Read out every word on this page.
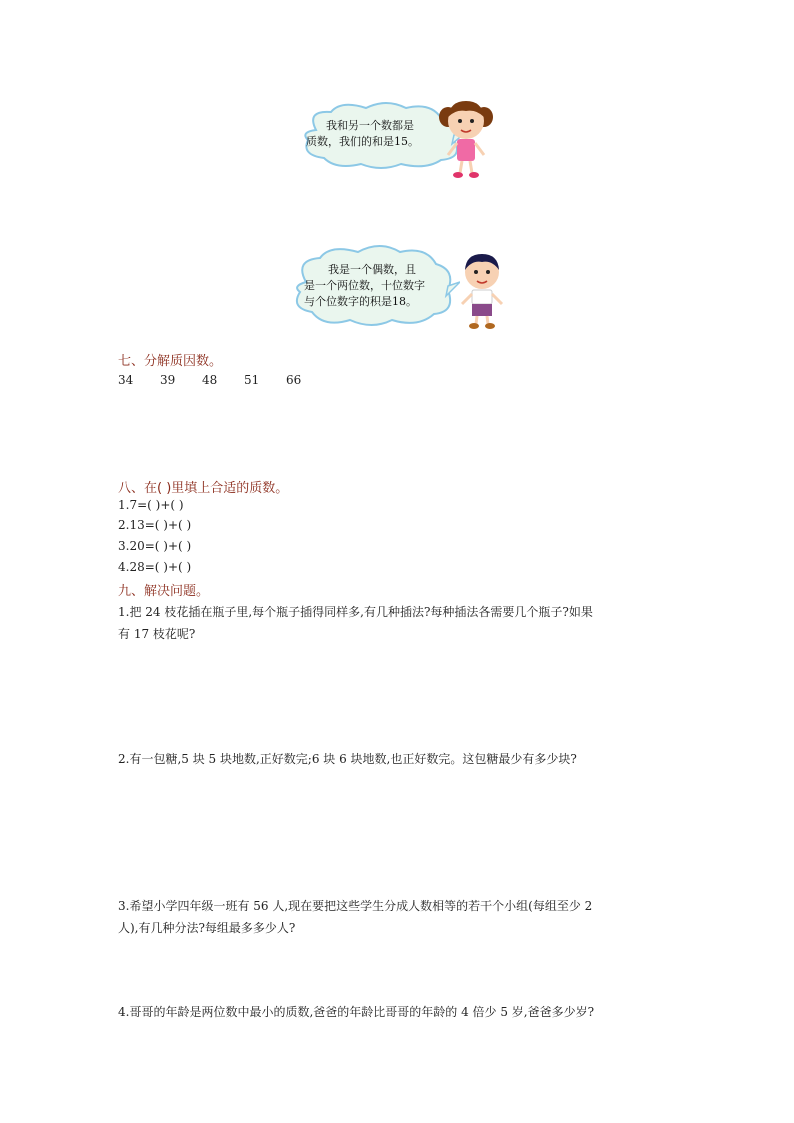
我和另一个数都是
质数，我们的和是15。
我是一个偶数，且
是一个两位数，十位数字
与个位数字的积是18。
七、分解质因数。
34 39 48 51 66
八、在( )里填上合适的质数。
1.7=( )+( )
2.13=( )+( )
3.20=( )+( )
4.28=( )+( )
九、解决问题。
1.把 24 枝花插在瓶子里,每个瓶子插得同样多,有几种插法?每种插法各需要几个瓶子?如果
有 17 枝花呢?
2.有一包糖,5 块 5 块地数,正好数完;6 块 6 块地数,也正好数完。这包糖最少有多少块?
3.希望小学四年级一班有 56 人,现在要把这些学生分成人数相等的若干个小组(每组至少 2
人),有几种分法?每组最多多少人?
4.哥哥的年龄是两位数中最小的质数,爸爸的年龄比哥哥的年龄的 4 倍少 5 岁,爸爸多少岁?
